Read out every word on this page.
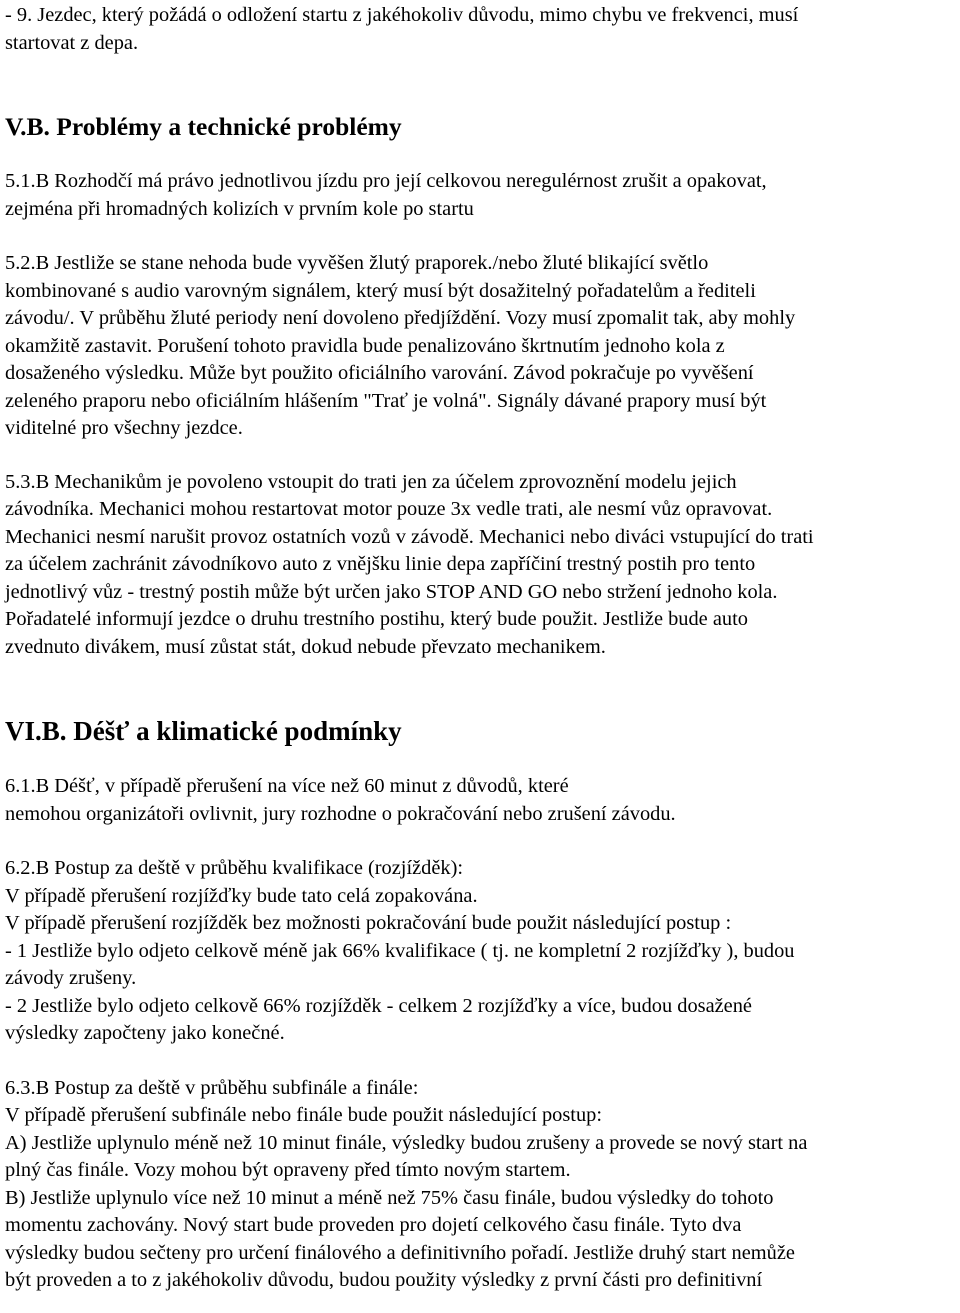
- 9. Jezdec, který požádá o odložení startu z jakéhokoliv důvodu, mimo chybu ve frekvenci, musí
startovat z depa.
V.B. Problémy a technické problémy
5.1.B Rozhodčí má právo jednotlivou jízdu pro její celkovou neregulérnost zrušit a opakovat,
zejména při hromadných kolizích v prvním kole po startu
5.2.B Jestliže se stane nehoda bude vyvěšen žlutý praporek./nebo žluté blikající světlo
kombinované s audio varovným signálem, který musí být dosažitelný pořadatelům a řediteli
závodu/. V průběhu žluté periody není dovoleno předjíždění. Vozy musí zpomalit tak, aby mohly
okamžitě zastavit. Porušení tohoto pravidla bude penalizováno škrtnutím jednoho kola z
dosaženého výsledku. Může byt použito oficiálního varování. Závod pokračuje po vyvěšení
zeleného praporu nebo oficiálním hlášením "Trať je volná". Signály dávané prapory musí být
viditelné pro všechny jezdce.
5.3.B Mechanikům je povoleno vstoupit do trati jen za účelem zprovoznění modelu jejich
závodníka. Mechanici mohou restartovat motor pouze 3x vedle trati, ale nesmí vůz opravovat.
Mechanici nesmí narušit provoz ostatních vozů v závodě. Mechanici nebo diváci vstupující do trati
za účelem zachránit závodníkovo auto z vnějšku linie depa zapříčiní trestný postih pro tento
jednotlivý vůz - trestný postih může být určen jako STOP AND GO nebo stržení jednoho kola.
Pořadatelé informují jezdce o druhu trestního postihu, který bude použit. Jestliže bude auto
zvednuto divákem, musí zůstat stát, dokud nebude převzato mechanikem.
VI.B. Déšť a klimatické podmínky
6.1.B Déšť, v případě přerušení na více než 60 minut z důvodů, které
nemohou organizátoři ovlivnit, jury rozhodne o pokračování nebo zrušení závodu.
6.2.B Postup za deště v průběhu kvalifikace (rozjížděk):
V případě přerušení rozjížďky bude tato celá zopakována.
V případě přerušení rozjížděk bez možnosti pokračování bude použit následující postup :
- 1 Jestliže bylo odjeto celkově méně jak 66% kvalifikace ( tj. ne kompletní 2 rozjížďky ), budou
závody zrušeny.
- 2 Jestliže bylo odjeto celkově 66% rozjížděk - celkem 2 rozjížďky a více, budou dosažené
výsledky započteny jako konečné.
6.3.B Postup za deště v průběhu subfinále a finále:
V případě přerušení subfinále nebo finále bude použit následující postup:
A) Jestliže uplynulo méně než 10 minut finále, výsledky budou zrušeny a provede se nový start na
plný čas finále. Vozy mohou být opraveny před tímto novým startem.
B) Jestliže uplynulo více než 10 minut a méně než 75% času finále, budou výsledky do tohoto
momentu zachovány. Nový start bude proveden pro dojetí celkového času finále. Tyto dva
výsledky budou sečteny pro určení finálového a definitivního pořadí. Jestliže druhý start nemůže
být proveden a to z jakéhokoliv důvodu, budou použity výsledky z první části pro definitivní
